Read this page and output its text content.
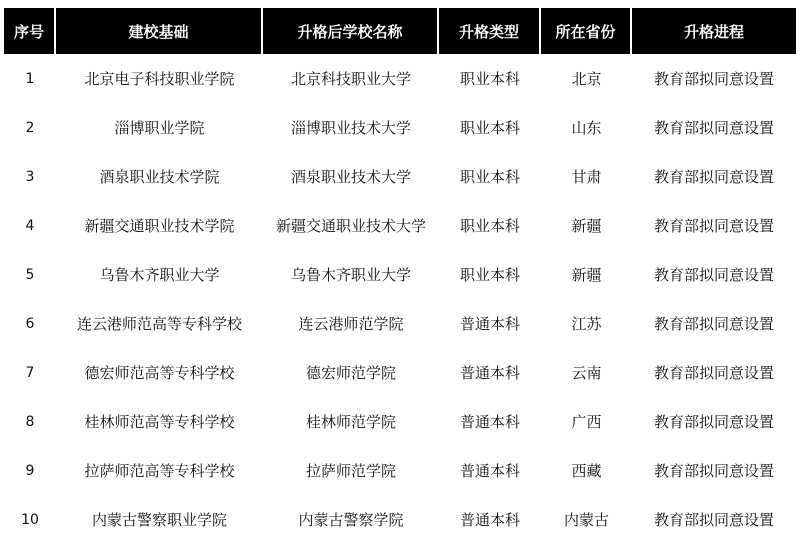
序号	建校基础	升格后学校名称	升格类型	所在省份	升格进程
1	北京电子科技职业学院	北京科技职业大学	职业本科	北京	教育部拟同意设置
2	淄博职业学院	淄博职业技术大学	职业本科	山东	教育部拟同意设置
3	酒泉职业技术学院	酒泉职业技术大学	职业本科	甘肃	教育部拟同意设置
4	新疆交通职业技术学院	新疆交通职业技术大学	职业本科	新疆	教育部拟同意设置
5	乌鲁木齐职业大学	乌鲁木齐职业大学	职业本科	新疆	教育部拟同意设置
6	连云港师范高等专科学校	连云港师范学院	普通本科	江苏	教育部拟同意设置
7	德宏师范高等专科学校	德宏师范学院	普通本科	云南	教育部拟同意设置
8	桂林师范高等专科学校	桂林师范学院	普通本科	广西	教育部拟同意设置
9	拉萨师范高等专科学校	拉萨师范学院	普通本科	西藏	教育部拟同意设置
10	内蒙古警察职业学院	内蒙古警察学院	普通本科	内蒙古	教育部拟同意设置
